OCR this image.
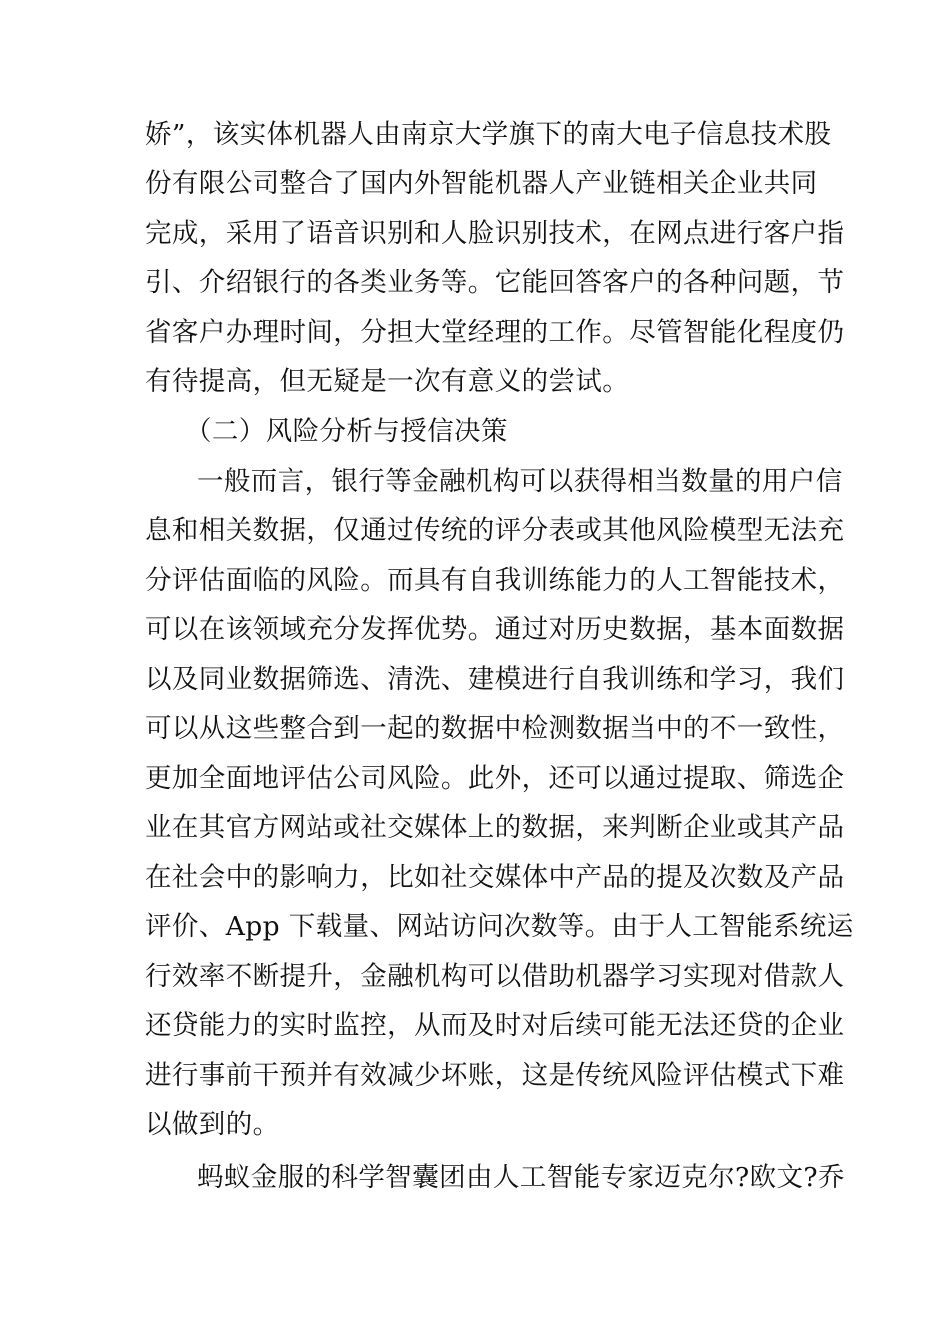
娇”，该实体机器人由南京大学旗下的南大电子信息技术股
份有限公司整合了国内外智能机器人产业链相关企业共同
完成，采用了语音识别和人脸识别技术，在网点进行客户指
引、介绍银行的各类业务等。它能回答客户的各种问题，节
省客户办理时间，分担大堂经理的工作。尽管智能化程度仍
有待提高，但无疑是一次有意义的尝试。
（二）风险分析与授信决策
一般而言，银行等金融机构可以获得相当数量的用户信
息和相关数据，仅通过传统的评分表或其他风险模型无法充
分评估面临的风险。而具有自我训练能力的人工智能技术，
可以在该领域充分发挥优势。通过对历史数据，基本面数据
以及同业数据筛选、清洗、建模进行自我训练和学习，我们
可以从这些整合到一起的数据中检测数据当中的不一致性，
更加全面地评估公司风险。此外，还可以通过提取、筛选企
业在其官方网站或社交媒体上的数据，来判断企业或其产品
在社会中的影响力，比如社交媒体中产品的提及次数及产品
评价、App 下载量、网站访问次数等。由于人工智能系统运
行效率不断提升，金融机构可以借助机器学习实现对借款人
还贷能力的实时监控，从而及时对后续可能无法还贷的企业
进行事前干预并有效减少坏账，这是传统风险评估模式下难
以做到的。
蚂蚁金服的科学智囊团由人工智能专家迈克尔?欧文?乔
